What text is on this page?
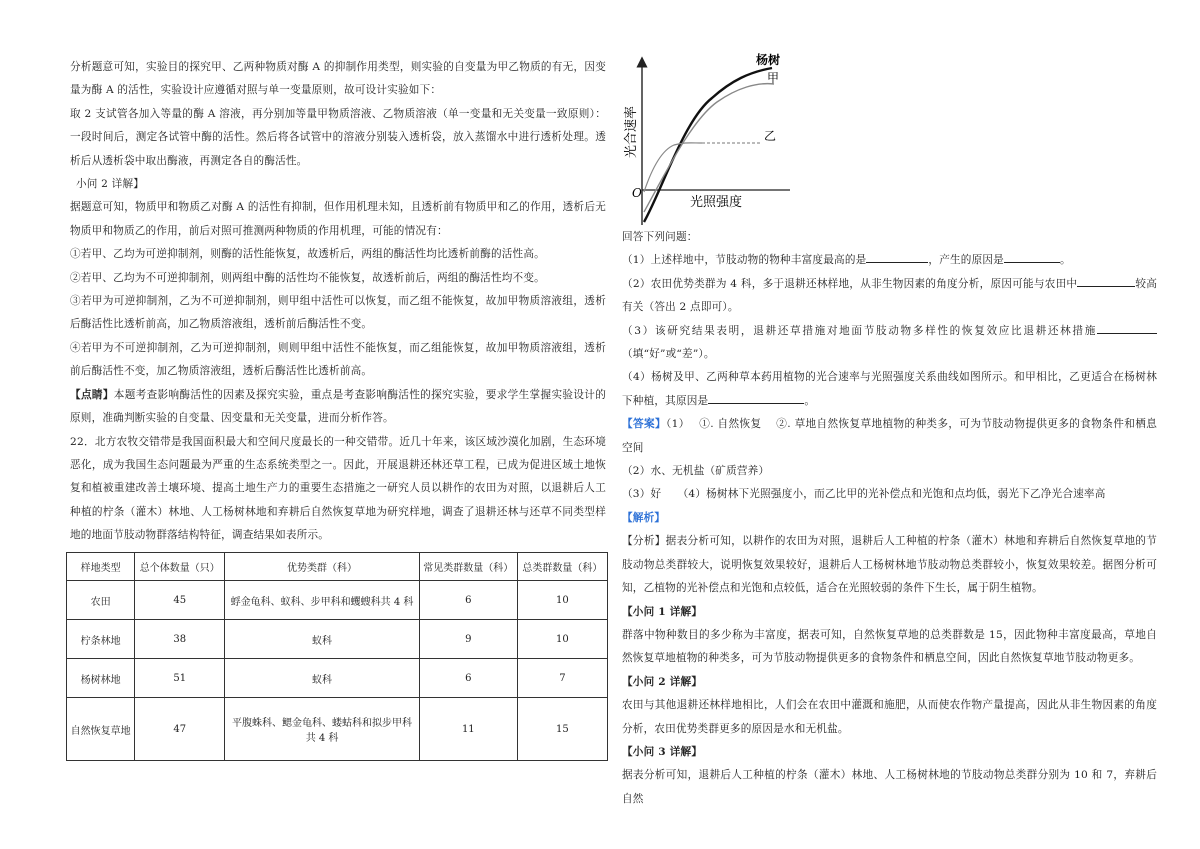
分析题意可知，实验目的探究甲、乙两种物质对酶 A 的抑制作用类型，则实验的自变量为甲乙物质的有无，因变量为酶 A 的活性，实验设计应遵循对照与单一变量原则，故可设计实验如下：

取 2 支试管各加入等量的酶 A 溶液，再分别加等量甲物质溶液、乙物质溶液（单一变量和无关变量一致原则）：一段时间后，测定各试管中酶的活性。然后将各试管中的溶液分别装入透析袋，放入蒸馏水中进行透析处理。透析后从透析袋中取出酶液，再测定各自的酶活性。

小问 2 详解】

据题意可知，物质甲和物质乙对酶 A 的活性有抑制，但作用机理未知，且透析前有物质甲和乙的作用，透析后无物质甲和物质乙的作用，前后对照可推测两种物质的作用机理，可能的情况有：

①若甲、乙均为可逆抑制剂，则酶的活性能恢复，故透析后，两组的酶活性均比透析前酶的活性高。

②若甲、乙均为不可逆抑制剂，则两组中酶的活性均不能恢复，故透析前后，两组的酶活性均不变。

③若甲为可逆抑制剂，乙为不可逆抑制剂，则甲组中活性可以恢复，而乙组不能恢复，故加甲物质溶液组，透析后酶活性比透析前高，加乙物质溶液组，透析前后酶活性不变。

④若甲为不可逆抑制剂，乙为可逆抑制剂，则则甲组中活性不能恢复，而乙组能恢复，故加甲物质溶液组，透析前后酶活性不变，加乙物质溶液组，透析后酶活性比透析前高。

【点睛】本题考查影响酶活性的因素及探究实验，重点是考查影响酶活性的探究实验，要求学生掌握实验设计的原则，准确判断实验的自变量、因变量和无关变量，进而分析作答。

22．北方农牧交错带是我国面积最大和空间尺度最长的一种交错带。近几十年来，该区域沙漠化加剧，生态环境恶化，成为我国生态问题最为严重的生态系统类型之一。因此，开展退耕还林还草工程，已成为促进区域土地恢复和植被重建改善土壤环境、提高土地生产力的重要生态措施之一研究人员以耕作的农田为对照，以退耕后人工种植的柠条（灌木）林地、人工杨树林地和弃耕后自然恢复草地为研究样地，调查了退耕还林与还草不同类型样地的地面节肢动物群落结构特征，调查结果如表所示。

样地类型	总个体数量（只）	优势类群（科）	常见类群数量（科）	总类群数量（科）
农田	45	蜉金龟科、蚁科、步甲科和蠼螋科共 4 科	6	10
柠条林地	38	蚁科	9	10
杨树林地	51	蚁科	6	7
自然恢复草地	47	平腹蛛科、鳃金龟科、蝼蛄科和拟步甲科共 4 科	11	15
O
光合速率
光照强度
杨树
甲
乙

回答下列问题：

（1）上述样地中，节肢动物的物种丰富度最高的是	，产生的原因是	。

（2）农田优势类群为 4 科，多于退耕还林样地，从非生物因素的角度分析，原因可能与农田中	较高有关（答出 2 点即可）。

（3）该研究结果表明，退耕还草措施对地面节肢动物多样性的恢复效应比退耕还林措施（填“好”或“差”）。

（4）杨树及甲、乙两种草本药用植物的光合速率与光照强度关系曲线如图所示。和甲相比，乙更适合在杨树林下种植，其原因是	。

【答案】（1）　 ①. 自然恢复　 ②. 草地自然恢复草地植物的种类多，可为节肢动物提供更多的食物条件和栖息空间

（2）水、无机盐（矿质营养）

（3）好　　（4）杨树林下光照强度小，而乙比甲的光补偿点和光饱和点均低，弱光下乙净光合速率高

【解析】

【分析】据表分析可知，以耕作的农田为对照，退耕后人工种植的柠条（灌木）林地和弃耕后自然恢复草地的节肢动物总类群较大，说明恢复效果较好，退耕后人工杨树林地节肢动物总类群较小，恢复效果较差。据图分析可知，乙植物的光补偿点和光饱和点较低，适合在光照较弱的条件下生长，属于阴生植物。

【小问 1 详解】

群落中物种数目的多少称为丰富度，据表可知，自然恢复草地的总类群数是 15，因此物种丰富度最高，草地自然恢复草地植物的种类多，可为节肢动物提供更多的食物条件和栖息空间，因此自然恢复草地节肢动物更多。

【小问 2 详解】

农田与其他退耕还林样地相比，人们会在农田中灌溉和施肥，从而使农作物产量提高，因此从非生物因素的角度分析，农田优势类群更多的原因是水和无机盐。

【小问 3 详解】

据表分析可知，退耕后人工种植的柠条（灌木）林地、人工杨树林地的节肢动物总类群分别为 10 和 7，弃耕后自然
